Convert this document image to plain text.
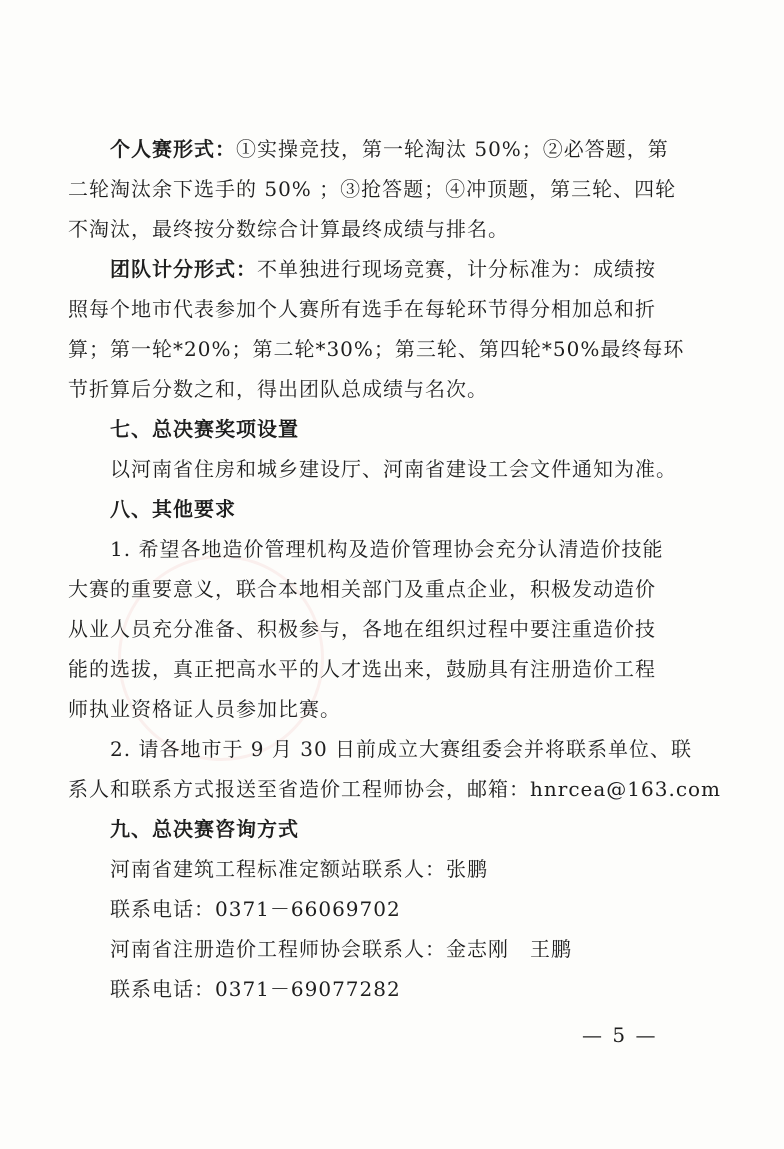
个人赛形式：①实操竞技，第一轮淘汰 50%；②必答题，第
二轮淘汰余下选手的 50% ；③抢答题；④冲顶题，第三轮、四轮
不淘汰，最终按分数综合计算最终成绩与排名。
团队计分形式：不单独进行现场竞赛，计分标准为：成绩按
照每个地市代表参加个人赛所有选手在每轮环节得分相加总和折
算；第一轮*20%；第二轮*30%；第三轮、第四轮*50%最终每环
节折算后分数之和，得出团队总成绩与名次。
七、总决赛奖项设置
以河南省住房和城乡建设厅、河南省建设工会文件通知为准。
八、其他要求
1. 希望各地造价管理机构及造价管理协会充分认清造价技能
大赛的重要意义，联合本地相关部门及重点企业，积极发动造价
从业人员充分准备、积极参与，各地在组织过程中要注重造价技
能的选拔，真正把高水平的人才选出来，鼓励具有注册造价工程
师执业资格证人员参加比赛。
2. 请各地市于 9 月 30 日前成立大赛组委会并将联系单位、联
系人和联系方式报送至省造价工程师协会，邮箱：hnrcea@163.com
九、总决赛咨询方式
河南省建筑工程标准定额站联系人：张鹏
联系电话：0371－66069702
河南省注册造价工程师协会联系人：金志刚　王鹏
联系电话：0371－69077282
— 5 —
